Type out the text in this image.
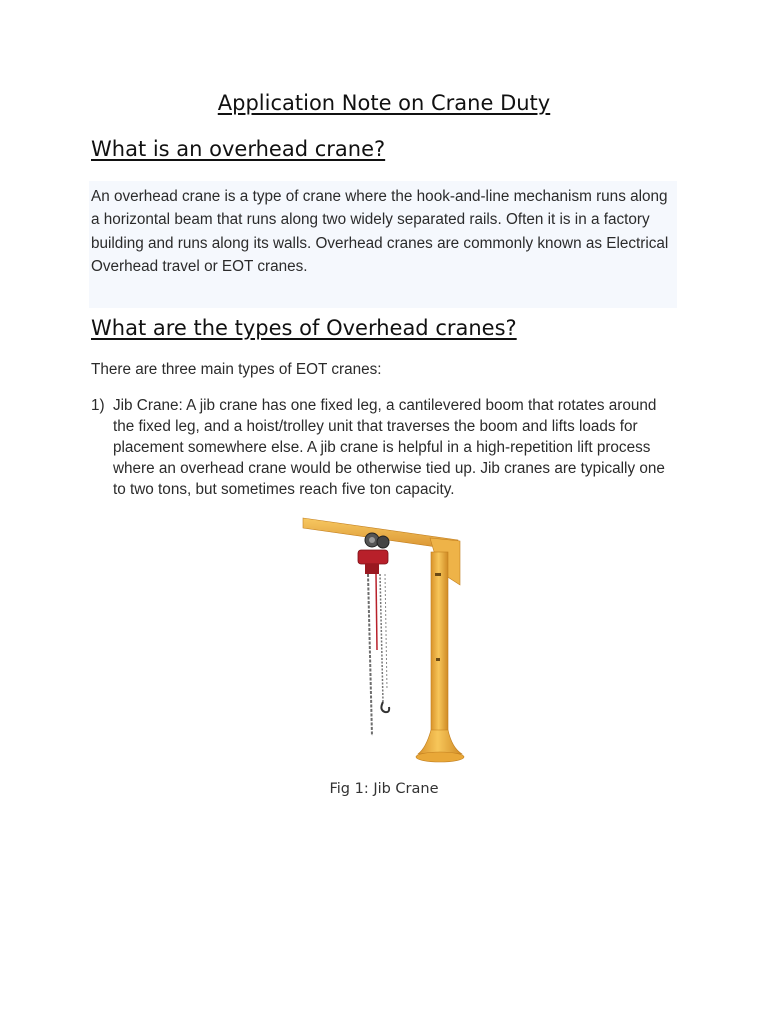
Application Note on Crane Duty
What is an overhead crane?

An overhead crane is a type of crane where the hook-and-line mechanism runs along a horizontal beam that runs along two widely separated rails. Often it is in a factory building and runs along its walls. Overhead cranes are commonly known as Electrical Overhead travel or EOT cranes.

What are the types of Overhead cranes?

There are three main types of EOT cranes:

1) Jib Crane: A jib crane has one fixed leg, a cantilevered boom that rotates around the fixed leg, and a hoist/trolley unit that traverses the boom and lifts loads for placement somewhere else. A jib crane is helpful in a high-repetition lift process where an overhead crane would be otherwise tied up. Jib cranes are typically one to two tons, but sometimes reach five ton capacity.

Fig 1: Jib Crane
